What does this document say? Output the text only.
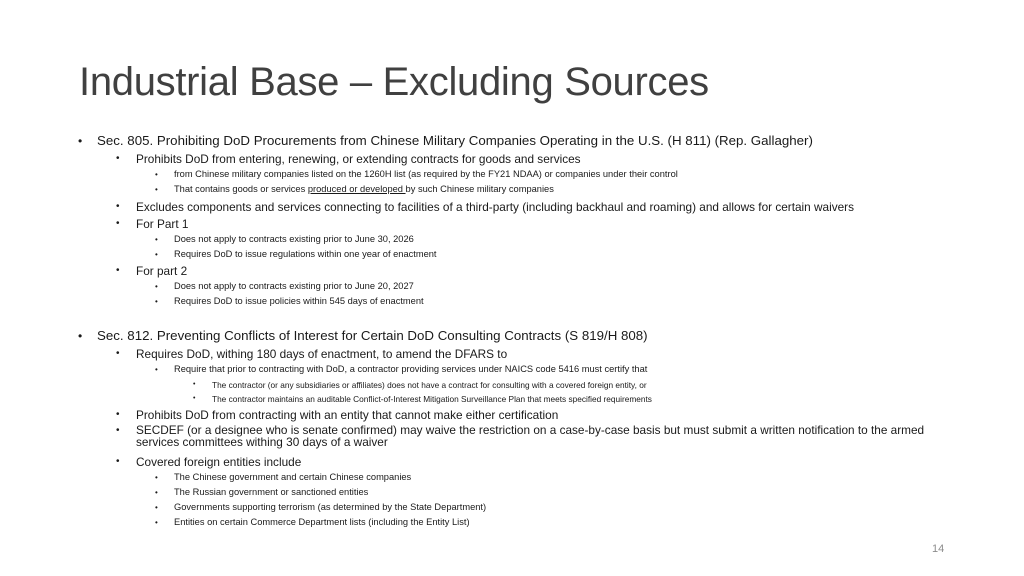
Industrial Base – Excluding Sources
• Sec. 805. Prohibiting DoD Procurements from Chinese Military Companies Operating in the U.S. (H 811) (Rep. Gallagher)
• Prohibits DoD from entering, renewing, or extending contracts for goods and services
• from Chinese military companies listed on the 1260H list (as required by the FY21 NDAA) or companies under their control
• That contains goods or services produced or developed by such Chinese military companies
• Excludes components and services connecting to facilities of a third-party (including backhaul and roaming) and allows for certain waivers
• For Part 1
• Does not apply to contracts existing prior to June 30, 2026
• Requires DoD to issue regulations within one year of enactment
• For part 2
• Does not apply to contracts existing prior to June 20, 2027
• Requires DoD to issue policies within 545 days of enactment
• Sec. 812. Preventing Conflicts of Interest for Certain DoD Consulting Contracts (S 819/H 808)
• Requires DoD, withing 180 days of enactment, to amend the DFARS to
• Require that prior to contracting with DoD, a contractor providing services under NAICS code 5416 must certify that
• The contractor (or any subsidiaries or affiliates) does not have a contract for consulting with a covered foreign entity, or
• The contractor maintains an auditable Conflict-of-Interest Mitigation Surveillance Plan that meets specified requirements
• Prohibits DoD from contracting with an entity that cannot make either certification
• SECDEF (or a designee who is senate confirmed) may waive the restriction on a case-by-case basis but must submit a written notification to the armed services committees withing 30 days of a waiver
• Covered foreign entities include
• The Chinese government and certain Chinese companies
• The Russian government or sanctioned entities
• Governments supporting terrorism (as determined by the State Department)
• Entities on certain Commerce Department lists (including the Entity List)
14
